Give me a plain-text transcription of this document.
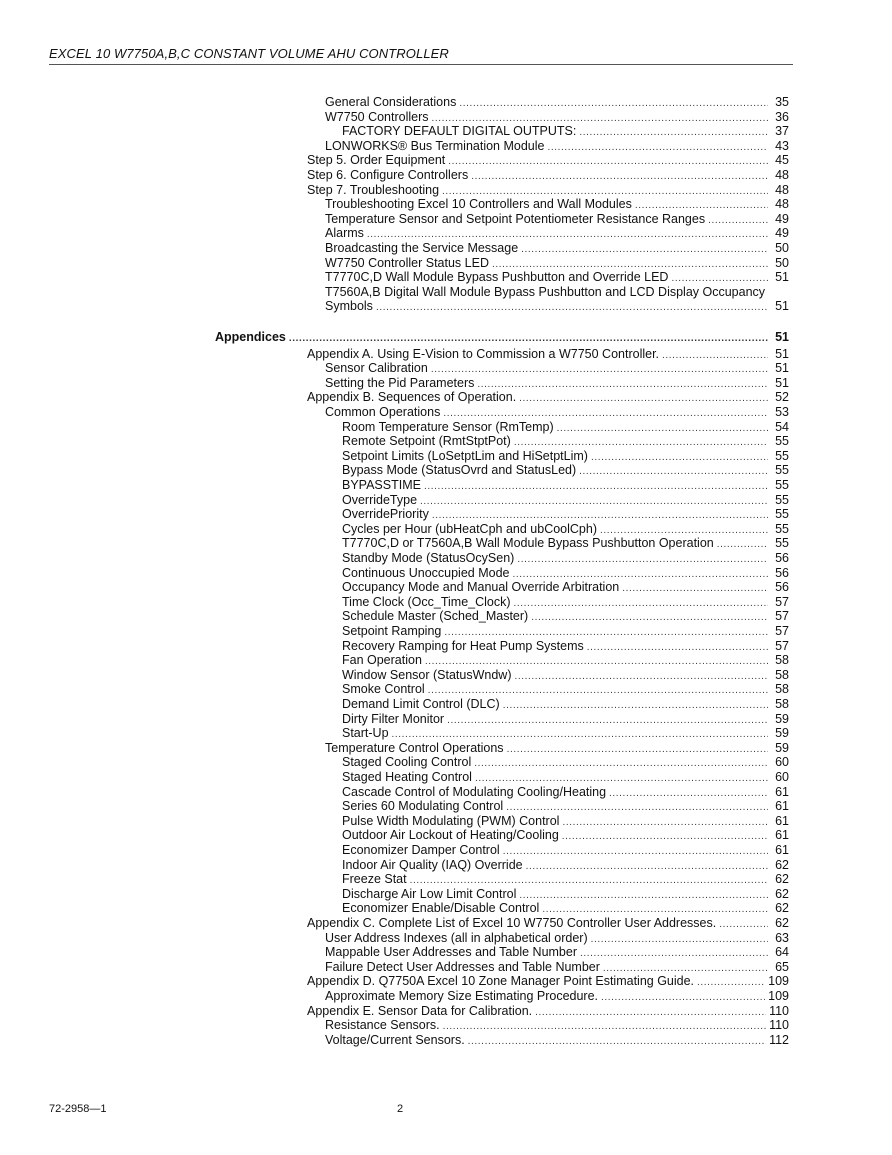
EXCEL 10 W7750A,B,C CONSTANT VOLUME AHU CONTROLLER
General Considerations .....	35
W7750 Controllers .....	36
FACTORY DEFAULT DIGITAL OUTPUTS: .....	37
LONWORKS® Bus Termination Module .....	43
Step 5. Order Equipment .....	45
Step 6. Configure Controllers .....	48
Step 7. Troubleshooting .....	48
Troubleshooting Excel 10 Controllers and Wall Modules .....	48
Temperature Sensor and Setpoint Potentiometer Resistance Ranges .....	49
Alarms .....	49
Broadcasting the Service Message .....	50
W7750 Controller Status LED .....	50
T7770C,D Wall Module Bypass Pushbutton and Override LED .....	51
T7560A,B Digital Wall Module Bypass Pushbutton and LCD Display Occupancy
Symbols .....	51
Appendices .....	51
Appendix A. Using E-Vision to Commission a W7750 Controller. .....	51
Sensor Calibration .....	51
Setting the Pid Parameters .....	51
Appendix B. Sequences of Operation. .....	52
Common Operations .....	53
Room Temperature Sensor (RmTemp) .....	54
Remote Setpoint (RmtStptPot) .....	55
Setpoint Limits (LoSetptLim and HiSetptLim) .....	55
Bypass Mode (StatusOvrd and StatusLed) .....	55
BYPASSTIME .....	55
OverrideType .....	55
OverridePriority .....	55
Cycles per Hour (ubHeatCph and ubCoolCph) .....	55
T7770C,D or T7560A,B Wall Module Bypass Pushbutton Operation .....	55
Standby Mode (StatusOcySen) .....	56
Continuous Unoccupied Mode .....	56
Occupancy Mode and Manual Override Arbitration .....	56
Time Clock (Occ_Time_Clock) .....	57
Schedule Master (Sched_Master) .....	57
Setpoint Ramping .....	57
Recovery Ramping for Heat Pump Systems .....	57
Fan Operation .....	58
Window Sensor (StatusWndw) .....	58
Smoke Control .....	58
Demand Limit Control (DLC) .....	58
Dirty Filter Monitor .....	59
Start-Up .....	59
Temperature Control Operations .....	59
Staged Cooling Control .....	60
Staged Heating Control .....	60
Cascade Control of Modulating Cooling/Heating .....	61
Series 60 Modulating Control .....	61
Pulse Width Modulating (PWM) Control .....	61
Outdoor Air Lockout of Heating/Cooling .....	61
Economizer Damper Control .....	61
Indoor Air Quality (IAQ) Override .....	62
Freeze Stat .....	62
Discharge Air Low Limit Control .....	62
Economizer Enable/Disable Control .....	62
Appendix C. Complete List of Excel 10 W7750 Controller User Addresses. .....	62
User Address Indexes (all in alphabetical order) .....	63
Mappable User Addresses and Table Number .....	64
Failure Detect User Addresses and Table Number .....	65
Appendix D. Q7750A Excel 10 Zone Manager Point Estimating Guide. .....	109
Approximate Memory Size Estimating Procedure. .....	109
Appendix E. Sensor Data for Calibration. .....	110
Resistance Sensors. .....	110
Voltage/Current Sensors. .....	112
72-2958—1	2
